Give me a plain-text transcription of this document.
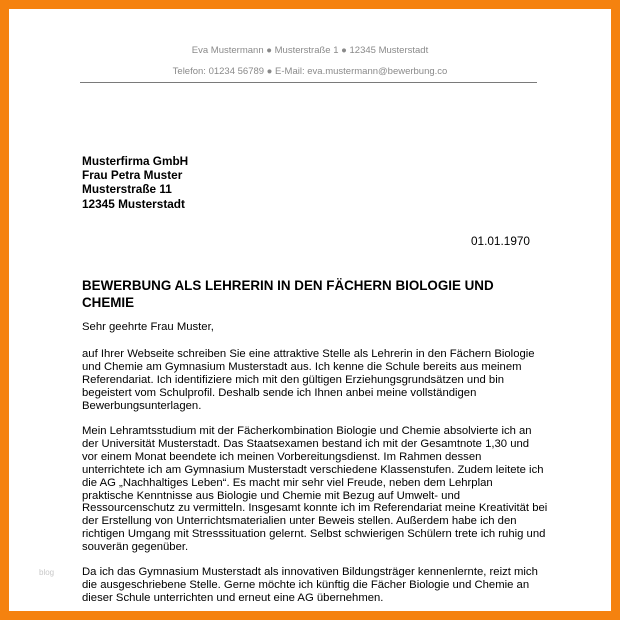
Eva Mustermann ● Musterstraße 1 ● 12345 Musterstadt
Telefon: 01234 56789 ● E-Mail: eva.mustermann@bewerbung.co
Musterfirma GmbH
Frau Petra Muster
Musterstraße 11
12345 Musterstadt
01.01.1970
BEWERBUNG ALS LEHRERIN IN DEN FÄCHERN BIOLOGIE UND
CHEMIE
Sehr geehrte Frau Muster,
auf Ihrer Webseite schreiben Sie eine attraktive Stelle als Lehrerin in den Fächern Biologie
und Chemie am Gymnasium Musterstadt aus. Ich kenne die Schule bereits aus meinem
Referendariat. Ich identifiziere mich mit den gültigen Erziehungsgrundsätzen und bin
begeistert vom Schulprofil. Deshalb sende ich Ihnen anbei meine vollständigen
Bewerbungsunterlagen.
Mein Lehramtsstudium mit der Fächerkombination Biologie und Chemie absolvierte ich an
der Universität Musterstadt. Das Staatsexamen bestand ich mit der Gesamtnote 1,30 und
vor einem Monat beendete ich meinen Vorbereitungsdienst. Im Rahmen dessen
unterrichtete ich am Gymnasium Musterstadt verschiedene Klassenstufen. Zudem leitete ich
die AG „Nachhaltiges Leben“. Es macht mir sehr viel Freude, neben dem Lehrplan
praktische Kenntnisse aus Biologie und Chemie mit Bezug auf Umwelt- und
Ressourcenschutz zu vermitteln. Insgesamt konnte ich im Referendariat meine Kreativität bei
der Erstellung von Unterrichtsmaterialien unter Beweis stellen. Außerdem habe ich den
richtigen Umgang mit Stresssituation gelernt. Selbst schwierigen Schülern trete ich ruhig und
souverän gegenüber.
Da ich das Gymnasium Musterstadt als innovativen Bildungsträger kennenlernte, reizt mich
die ausgeschriebene Stelle. Gerne möchte ich künftig die Fächer Biologie und Chemie an
dieser Schule unterrichten und erneut eine AG übernehmen.
blog
